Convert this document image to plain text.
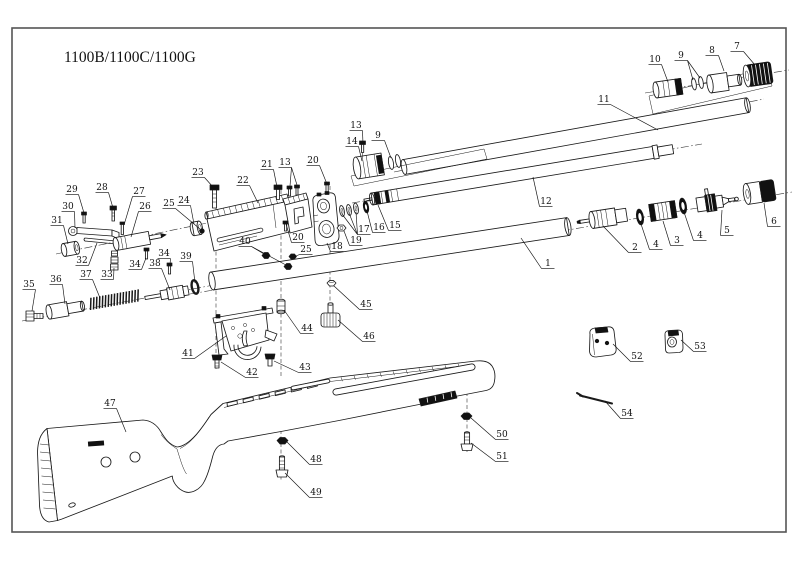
1100B/1100C/1100G
1
2
3
4
4 5
6
7
8
9
10
11
12
13
13
14
9
15
16
17
18
19
20
20
21
22
23
24
25
25
26
27
28
29
30
31
32
33
34
34
35 36 37
38
39
40
41
42	43
44
45
46
47
48
49
50
51
52
53
54
